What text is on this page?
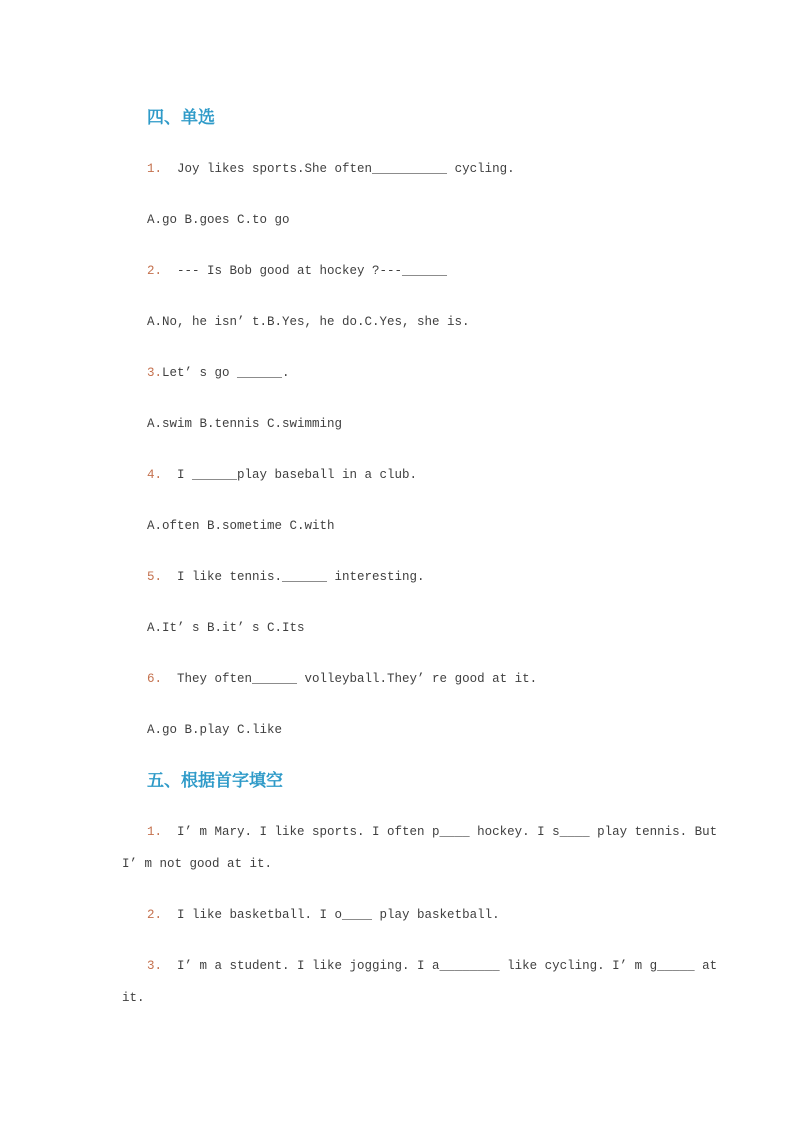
四、单选

1.  Joy likes sports.She often__________ cycling.

A.go B.goes C.to go

2.  --- Is Bob good at hockey ?---______

A.No, he isn’ t.B.Yes, he do.C.Yes, she is.

3.Let’ s go ______.

A.swim B.tennis C.swimming

4.  I ______play baseball in a club.

A.often B.sometime C.with

5.  I like tennis.______ interesting.

A.It’ s B.it’ s C.Its

6.  They often______ volleyball.They’ re good at it.

A.go B.play C.like

五、根据首字填空

1.  I’ m Mary. I like sports. I often p____ hockey. I s____ play tennis. But I’ m not good at it.

2.  I like basketball. I o____ play basketball.

3.  I’ m a student. I like jogging. I a________ like cycling. I’ m g_____ at it.
